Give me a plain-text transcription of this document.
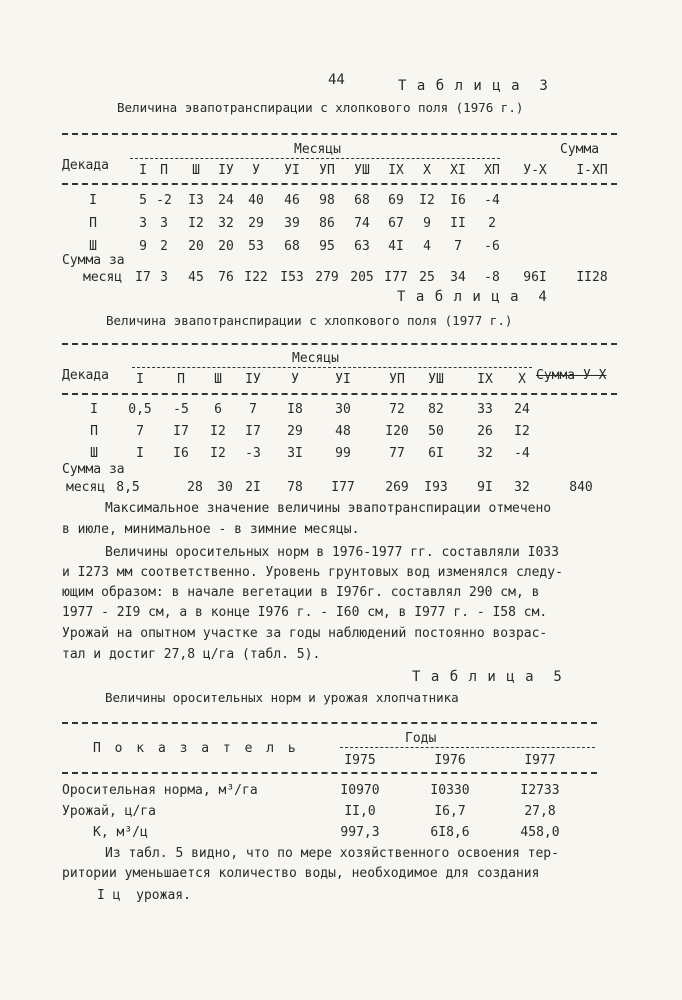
44	Т а б л и ц а  3
Величина эвапотранспирации с хлопкового поля (1976 г.)
Месяцы	Сумма
Декада I П Ш IУ У УI УП УШ IX X XI XП У-X I-XП
I	5 -2 I3 24 40 46 98 68 69 I2 I6 -4
П	3 3 I2 32 29 39 86 74 67 9 II 2
Ш	9 2 20 20 53 68 95 63 4I 4 7 -6
Сумма за
месяц I7 3 45 76 I22 I53 279 205 I77 25 34 -8 96I II28
Т а б л и ц а  4
Величина эвапотранспирации с хлопкового поля (1977 г.)
Месяцы
Декада	Сумма У-X
I	П Ш IУ У	УI	УП УШ	IX X
I 0,5 -5 6 7 I8 30	72 82	33 24
П	7 I7 I2 I7 29 48	I20 50	26 I2
Ш	I I6 I2 -3 3I 99	77 6I	32 -4
Сумма за
месяц 8,5	28 30 2I 78 I77 269 I93 9I 32	840
Максимальное значение величины эвапотранспирации отмечено
в июле, минимальное - в зимние месяцы.
Величины оросительных норм в 1976-1977 гг. составляли I033
и I273 мм соответственно. Уровень грунтовых вод изменялся следу-
ющим образом: в начале вегетации в I976г. составлял 290 см, в
1977 - 2I9 см, а в конце I976 г. - I60 см, в I977 г. - I58 см.
Урожай на опытном участке за годы наблюдений постоянно возрас-
тал и достиг 27,8 ц/га (табл. 5).
Т а б л и ц а  5
Величины оросительных норм и урожая хлопчатника
П о к а з а т е л ь
Годы
I975	I976	I977
Оросительная норма, м³/га	I0970	I0330	I2733
Урожай, ц/га	II,0	I6,7	27,8
К, м³/ц	997,3	6I8,6	458,0
Из табл. 5 видно, что по мере хозяйственного освоения тер-
ритории уменьшается количество воды, необходимое для создания
I ц  урожая.
